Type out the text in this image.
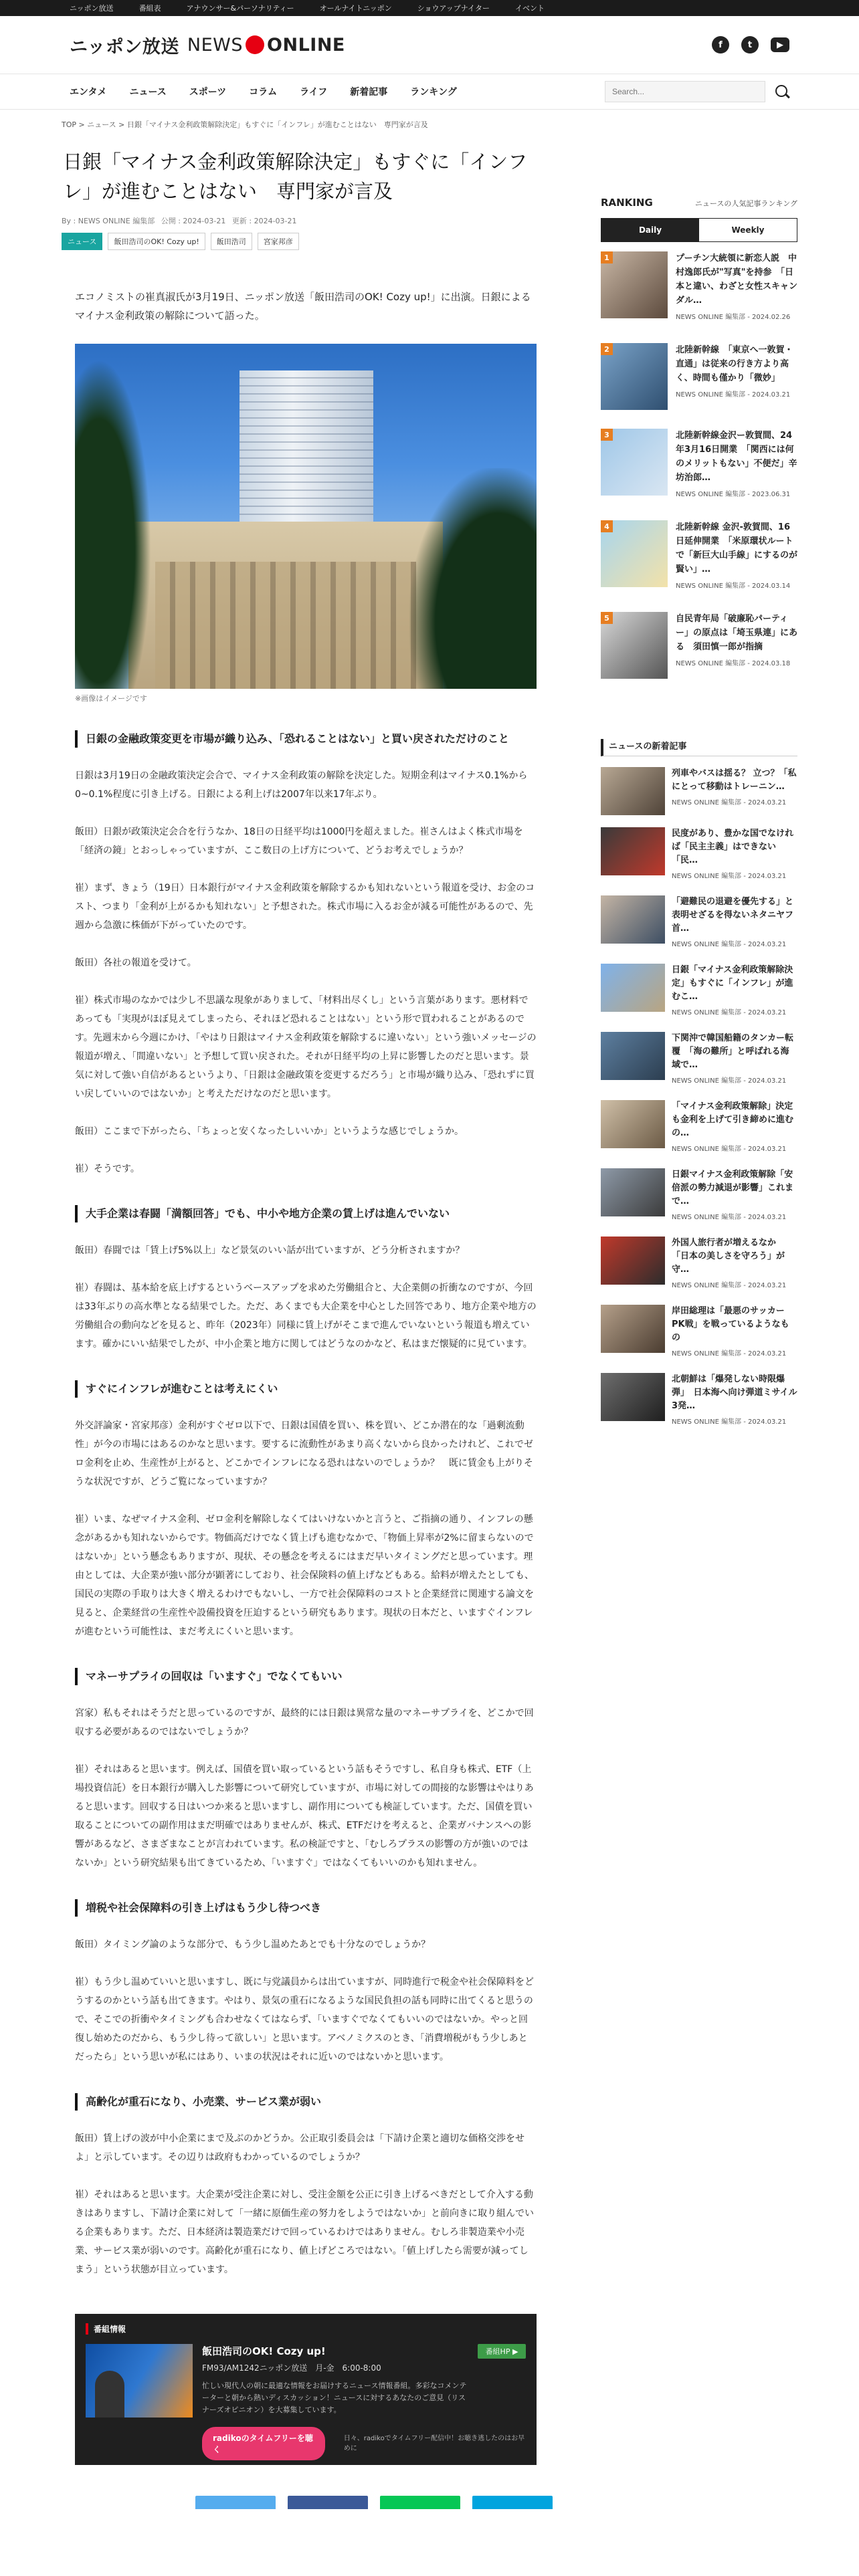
ニッポン放送	番組表	アナウンサー&パーソナリティー	オールナイトニッポン	ショウアップナイター	イベント
ニッポン放送 NEWS ONLINE	f	t	▶
エンタメ ニュース スポーツ コラム ライフ 新着記事 ランキング
Search...
TOP > ニュース > 日銀「マイナス金利政策解除決定」もすぐに「インフレ」が進むことはない　専門家が言及
日銀「マイナス金利政策解除決定」もすぐに「インフレ」が進むことはない　専門家が言及
By : NEWS ONLINE 編集部 公開 : 2024-03-21 更新 : 2024-03-21
ニュース	飯田浩司のOK! Cozy up!	飯田浩司	宮家邦彦

エコノミストの崔真淑氏が3月19日、ニッポン放送「飯田浩司のOK! Cozy up!」に出演。日銀によるマイナス金利政策の解除について語った。

※画像はイメージです
日銀の金融政策変更を市場が織り込み、「恐れることはない」と買い戻されただけのこと

日銀は3月19日の金融政策決定会合で、マイナス金利政策の解除を決定した。短期金利はマイナス0.1%から0~0.1%程度に引き上げる。日銀による利上げは2007年以来17年ぶり。

飯田）日銀が政策決定会合を行うなか、18日の日経平均は1000円を超えました。崔さんはよく株式市場を「経済の鏡」とおっしゃっていますが、ここ数日の上げ方について、どうお考えでしょうか？

崔）まず、きょう（19日）日本銀行がマイナス金利政策を解除するかも知れないという報道を受け、お金のコスト、つまり「金利が上がるかも知れない」と予想された。株式市場に入るお金が減る可能性があるので、先週から急激に株価が下がっていたのです。

飯田）各社の報道を受けて。

崔）株式市場のなかでは少し不思議な現象がありまして、「材料出尽くし」という言葉があります。悪材料であっても「実現がほぼ見えてしまったら、それほど恐れることはない」という形で買われることがあるのです。先週末から今週にかけ、「やはり日銀はマイナス金利政策を解除するに違いない」という強いメッセージの報道が増え、「間違いない」と予想して買い戻された。それが日経平均の上昇に影響したのだと思います。景気に対して強い自信があるというより、「日銀は金融政策を変更するだろう」と市場が織り込み、「恐れずに買い戻していいのではないか」と考えただけなのだと思います。

飯田）ここまで下がったら、「ちょっと安くなったしいいか」というような感じでしょうか。

崔）そうです。

大手企業は春闘「満額回答」でも、中小や地方企業の賃上げは進んでいない

飯田）春闘では「賃上げ5%以上」など景気のいい話が出ていますが、どう分析されますか？

崔）春闘は、基本給を底上げするというベースアップを求めた労働組合と、大企業側の折衝なのですが、今回は33年ぶりの高水準となる結果でした。ただ、あくまでも大企業を中心とした回答であり、地方企業や地方の労働組合の動向などを見ると、昨年（2023年）同様に賃上げがそこまで進んでいないという報道も増えています。確かにいい結果でしたが、中小企業と地方に関してはどうなのかなど、私はまだ懐疑的に見ています。

すぐにインフレが進むことは考えにくい

外交評論家・宮家邦彦）金利がすぐゼロ以下で、日銀は国債を買い、株を買い、どこか潜在的な「過剰流動性」が今の市場にはあるのかなと思います。要するに流動性があまり高くないから良かったけれど、これでゼロ金利を止め、生産性が上がると、どこかでインフレになる恐れはないのでしょうか？　既に賃金も上がりそうな状況ですが、どうご覧になっていますか？

崔）いま、なぜマイナス金利、ゼロ金利を解除しなくてはいけないかと言うと、ご指摘の通り、インフレの懸念があるかも知れないからです。物価高だけでなく賃上げも進むなかで、「物価上昇率が2%に留まらないのではないか」という懸念もありますが、現状、その懸念を考えるにはまだ早いタイミングだと思っています。理由としては、大企業が強い部分が顕著にしており、社会保険料の値上げなどもある。給料が増えたとしても、国民の実際の手取りは大きく増えるわけでもないし、一方で社会保障料のコストと企業経営に関連する論文を見ると、企業経営の生産性や設備投資を圧迫するという研究もあります。現状の日本だと、いますぐインフレが進むという可能性は、まだ考えにくいと思います。

マネーサプライの回収は「いますぐ」でなくてもいい

宮家）私もそれはそうだと思っているのですが、最終的には日銀は異常な量のマネーサプライを、どこかで回収する必要があるのではないでしょうか？

崔）それはあると思います。例えば、国債を買い取っているという話もそうですし、私自身も株式、ETF（上場投資信託）を日本銀行が購入した影響について研究していますが、市場に対しての間接的な影響はやはりあると思います。回収する日はいつか来ると思いますし、副作用についても検証しています。ただ、国債を買い取ることについての副作用はまだ明確ではありませんが、株式、ETFだけを考えると、企業ガバナンスへの影響があるなど、さまざまなことが言われています。私の検証ですと、「むしろプラスの影響の方が強いのではないか」という研究結果も出てきているため、「いますぐ」ではなくてもいいのかも知れません。

増税や社会保障料の引き上げはもう少し待つべき

飯田）タイミング論のような部分で、もう少し温めたあとでも十分なのでしょうか？

崔）もう少し温めていいと思いますし、既に与党議員からは出ていますが、同時進行で税金や社会保障料をどうするのかという話も出てきます。やはり、景気の重石になるような国民負担の話も同時に出てくると思うので、そこでの折衝やタイミングも合わせなくてはならず、「いますぐでなくてもいいのではないか。やっと回復し始めたのだから、もう少し待って欲しい」と思います。アベノミクスのとき、「消費増税がもう少しあとだったら」という思いが私にはあり、いまの状況はそれに近いのではないかと思います。

高齢化が重石になり、小売業、サービス業が弱い

飯田）賃上げの波が中小企業にまで及ぶのかどうか。公正取引委員会は「下請け企業と適切な価格交渉をせよ」と示しています。その辺りは政府もわかっているのでしょうか？

崔）それはあると思います。大企業が受注企業に対し、受注金額を公正に引き上げるべきだとして介入する動きはありますし、下請け企業に対して「一緒に原価生産の努力をしようではないか」と前向きに取り組んでいる企業もあります。ただ、日本経済は製造業だけで回っているわけではありません。むしろ非製造業や小売業、サービス業が弱いのです。高齢化が重石になり、値上げどころではない。「値上げしたら需要が減ってしまう」という状態が目立っています。

番組情報
飯田浩司のOK! Cozy up!
FM93/AM1242ニッポン放送　月-金　6:00-8:00
忙しい現代人の朝に最適な情報をお届けするニュース情報番組。多彩なコメンテーターと朝から熱いディスカッション！ニュースに対するあなたのご意見（リスナーズオピニオン）を大募集しています。
番組HP ▶
radikoのタイムフリーを聴く
日々、radikoでタイムフリー配信中！お聴き逃したのはお早めに
RANKING	ニュースの人気記事ランキング
Daily	Weekly
1	プーチン大統領に新恋人説　中村逸郎氏が"写真"を持参　「日本と違い、わざと女性スキャンダル…
NEWS ONLINE 編集部 - 2024.02.26
2	北陸新幹線　「東京へ一敦賀・直通」は従来の行き方より高く、時間も僅かり「微妙」
NEWS ONLINE 編集部 - 2024.03.21
3	北陸新幹線金沢ー敦賀間、24年3月16日開業　「関西には何のメリットもない」不便だ」辛坊治郎…
NEWS ONLINE 編集部 - 2023.06.31
4	北陸新幹線 金沢-敦賀間、16日延伸開業　「米原環状ルートで「新巨大山手線」にするのが賢い」…
NEWS ONLINE 編集部 - 2024.03.14
5	自民青年局「破廉恥パーティー」の原点は「埼玉県連」にある　須田慎一郎が指摘
NEWS ONLINE 編集部 - 2024.03.18
ニュースの新着記事
列車やバスは揺る？ 立つ？「私にとって移動はトレーニン…
NEWS ONLINE 編集部 - 2024.03.21
民度があり、豊かな国でなければ「民主主義」はできない　「民…
NEWS ONLINE 編集部 - 2024.03.21
「避難民の退避を優先する」と表明せざるを得ないネタニヤフ首…
NEWS ONLINE 編集部 - 2024.03.21
日銀「マイナス金利政策解除決定」もすぐに「インフレ」が進むこ…
NEWS ONLINE 編集部 - 2024.03.21
下関沖で韓国船籍のタンカー転覆　「海の難所」と呼ばれる海域で…
NEWS ONLINE 編集部 - 2024.03.21
「マイナス金利政策解除」決定も金利を上げて引き締めに進むの…
NEWS ONLINE 編集部 - 2024.03.21
日銀マイナス金利政策解除「安倍派の勢力減退が影響」これまで…
NEWS ONLINE 編集部 - 2024.03.21
外国人旅行者が増えるなか　「日本の美しさを守ろう」が守…
NEWS ONLINE 編集部 - 2024.03.21
岸田総理は「最悪のサッカーPK戦」を戦っているようなもの
NEWS ONLINE 編集部 - 2024.03.21
北朝鮮は「爆発しない時限爆弾」　日本海へ向け弾道ミサイル3発…
NEWS ONLINE 編集部 - 2024.03.21
